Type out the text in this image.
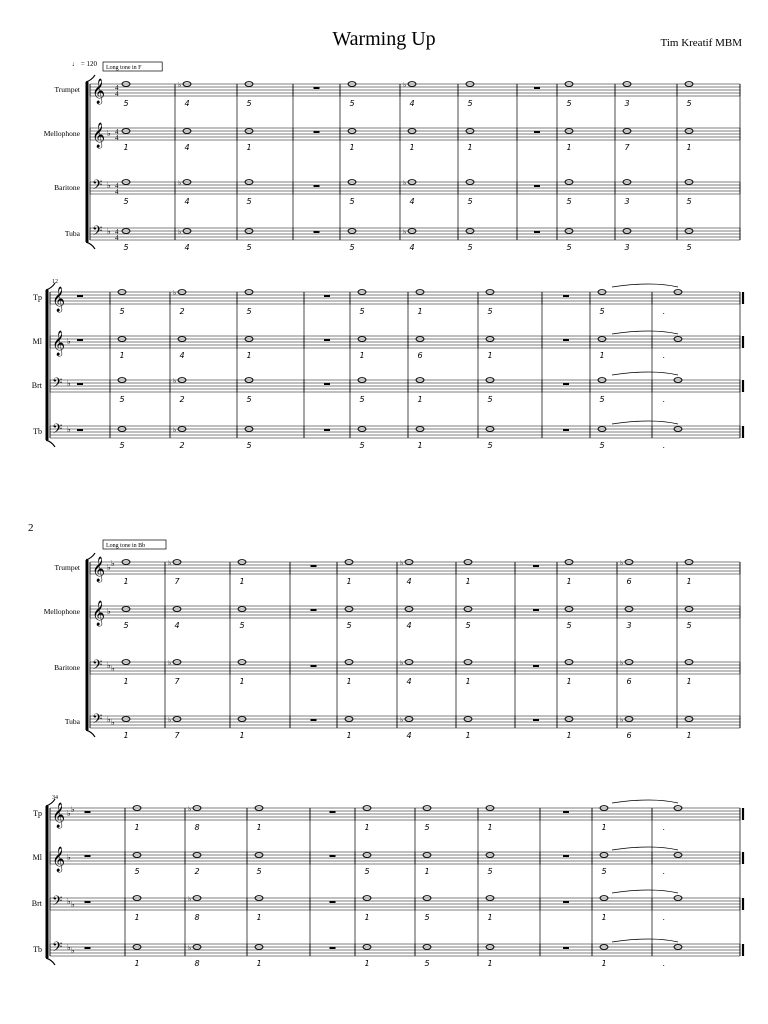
Warming Up	Tim Kreatif MBM
2
Long tone in F
♩ = 120
Trumpet 𝄞 4
4
5
♭
4	5	5
♭
4	5	5	3	5
Mellophone 𝄞 ♭ 4
4
1	4	1	1	1	1	1	7	1
Baritone 𝄢 ♭ 4
4
5
♭
4	5	5
♭
4	5	5	3	5
Tuba 𝄢 ♭ 4
4
5
♭
4	5	5
♭
4	5	5	3	5
12
Tp 𝄞
5
♭
2	5	5	1	5	5	.
Ml 𝄞 ♭
1	4	1	1	6	1	1	.
Brt 𝄢 ♭
5
♭
2	5	5	1	5	5	.
Tb 𝄢 ♭
5
♭
2	5	5	1	5	5	.
Long tone in Bb
Trumpet 𝄞 ♭ ♭
1
♭
7	1	1
♭
4	1	1
♭
6	1
Mellophone 𝄞 ♭
5	4	5	5	4	5	5	3	5
Baritone 𝄢 ♭ ♭
1
♭
7	1	1
♭
4	1	1
♭
6	1
Tuba 𝄢 ♭ ♭
1
♭
7	1	1
♭
4	1	1
♭
6	1
34
Tp 𝄞 ♭ ♭
1
♭
8	1	1	5	1	1	.
Ml 𝄞 ♭
5	2	5	5	1	5	5	.
Brt 𝄢 ♭ ♭
1
♭
8	1	1	5	1	1	.
Tb 𝄢 ♭ ♭
1
♭
8	1	1	5	1	1	.
